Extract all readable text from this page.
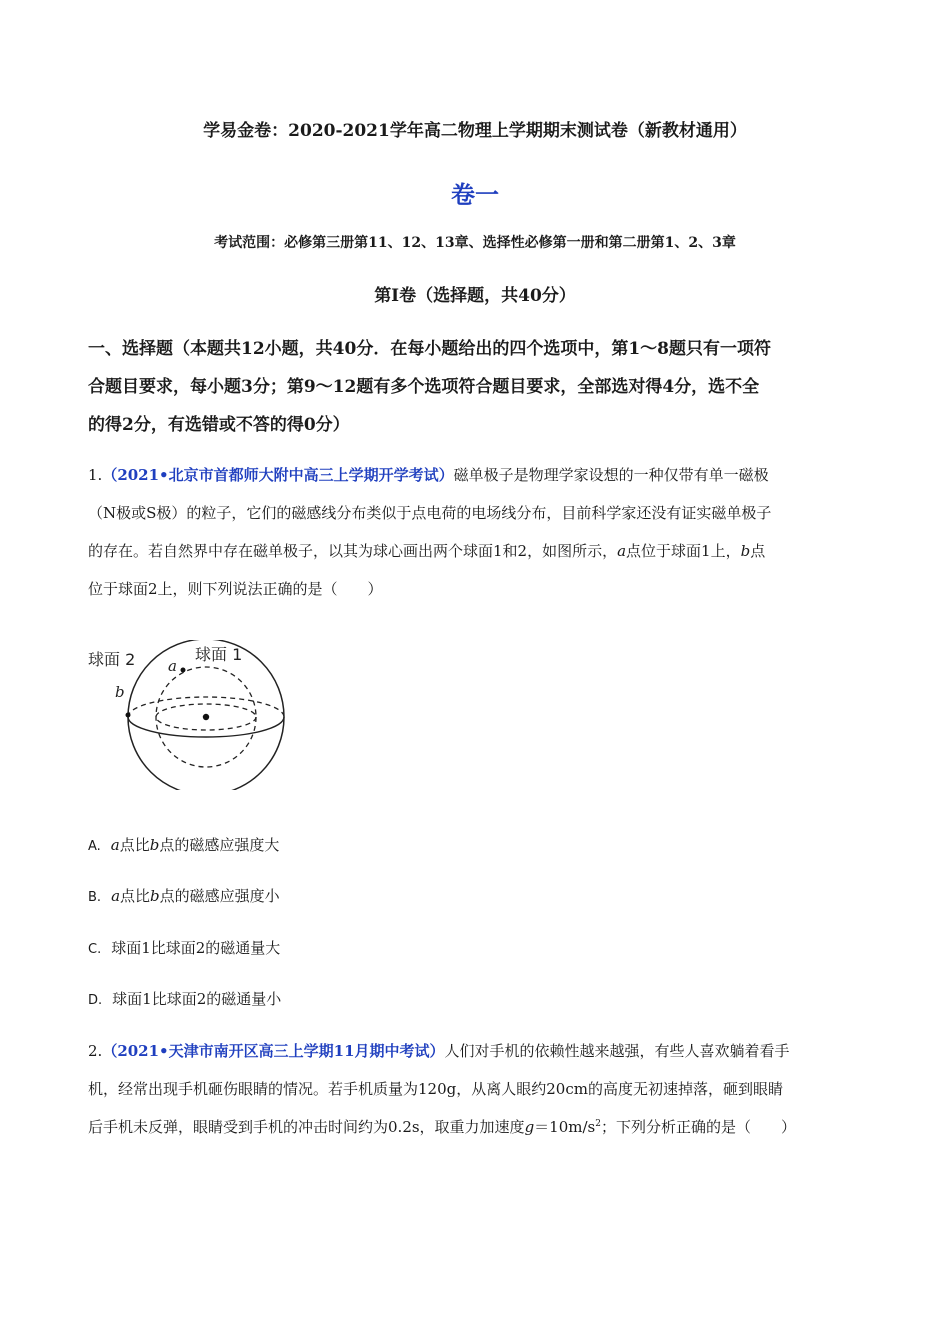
学易金卷：2020-2021学年高二物理上学期期末测试卷（新教材通用）
卷一
考试范围：必修第三册第11、12、13章、选择性必修第一册和第二册第1、2、3章
第Ⅰ卷（选择题，共40分）
一、选择题（本题共12小题，共40分．在每小题给出的四个选项中，第1～8题只有一项符
合题目要求，每小题3分；第9～12题有多个选项符合题目要求，全部选对得4分，选不全
的得2分，有选错或不答的得0分）
1.（2021•北京市首都师大附中高三上学期开学考试）磁单极子是物理学家设想的一种仅带有单一磁极
（N极或S极）的粒子，它们的磁感线分布类似于点电荷的电场线分布，目前科学家还没有证实磁单极子
的存在。若自然界中存在磁单极子，以其为球心画出两个球面1和2，如图所示，a点位于球面1上，b点
位于球面2上，则下列说法正确的是（　　）
球面 2	球面 1
a
b
A. a点比b点的磁感应强度大
B. a点比b点的磁感应强度小
C. 球面1比球面2的磁通量大
D. 球面1比球面2的磁通量小
2.（2021•天津市南开区高三上学期11月期中考试）人们对手机的依赖性越来越强，有些人喜欢躺着看手
机，经常出现手机砸伤眼睛的情况。若手机质量为120g，从离人眼约20cm的高度无初速掉落，砸到眼睛
后手机未反弹，眼睛受到手机的冲击时间约为0.2s，取重力加速度$g=10m/s^2$；下列分析正确的是（　　）
